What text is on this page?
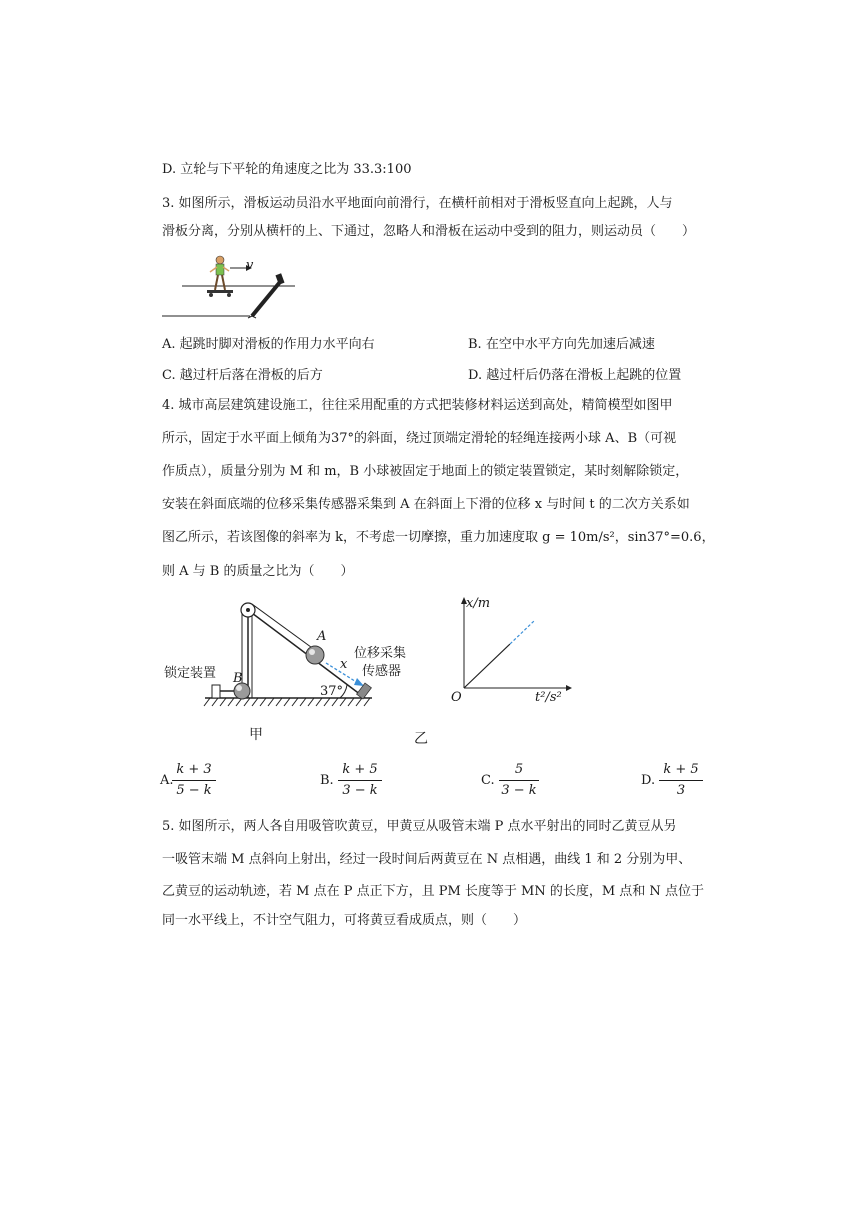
D. 立轮与下平轮的角速度之比为 33.3:100
3. 如图所示，滑板运动员沿水平地面向前滑行，在横杆前相对于滑板竖直向上起跳，人与
滑板分离，分别从横杆的上、下通过，忽略人和滑板在运动中受到的阻力，则运动员（　　）
v
A. 起跳时脚对滑板的作用力水平向右	B. 在空中水平方向先加速后减速
C. 越过杆后落在滑板的后方	D. 越过杆后仍落在滑板上起跳的位置
4. 城市高层建筑建设施工，往往采用配重的方式把装修材料运送到高处，精简模型如图甲
所示，固定于水平面上倾角为37°的斜面，绕过顶端定滑轮的轻绳连接两小球 A、B（可视
作质点），质量分别为 M 和 m，B 小球被固定于地面上的锁定装置锁定，某时刻解除锁定，
安装在斜面底端的位移采集传感器采集到 A 在斜面上下滑的位移 x 与时间 t 的二次方关系如
图乙所示，若该图像的斜率为 k，不考虑一切摩擦，重力加速度取 g = 10m/s²，sin37°=0.6，
则 A 与 B 的质量之比为（　　）
锁定装置 B
A
x
位移采集
传感器
37°
甲
x/m
O	t²/s²
乙
A.
k + 3
5 − k
B.
k + 5
3 − k
C.
5
3 − k
D.
k + 5
3
5. 如图所示，两人各自用吸管吹黄豆，甲黄豆从吸管末端 P 点水平射出的同时乙黄豆从另
一吸管末端 M 点斜向上射出，经过一段时间后两黄豆在 N 点相遇，曲线 1 和 2 分别为甲、
乙黄豆的运动轨迹，若 M 点在 P 点正下方，且 PM 长度等于 MN 的长度，M 点和 N 点位于
同一水平线上，不计空气阻力，可将黄豆看成质点，则（　　）
